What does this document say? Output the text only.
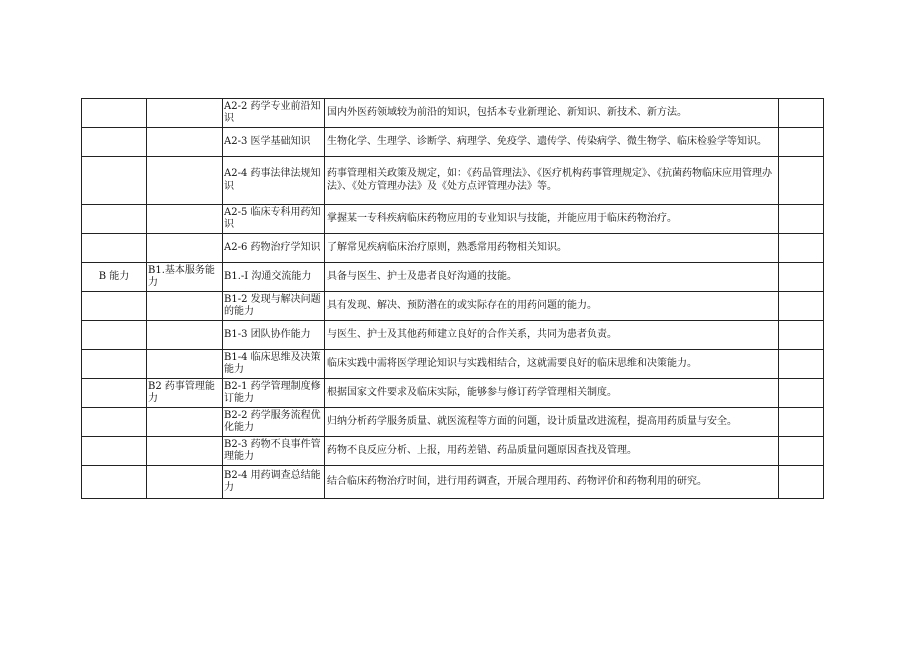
		A2-2 药学专业前沿知识	国内外医药领域较为前沿的知识，包括本专业新理论、新知识、新技术、新方法。	
		A2-3 医学基础知识	生物化学、生理学、诊断学、病理学、免疫学、遗传学、传染病学、微生物学、临床检验学等知识。	
		A2-4 药事法律法规知识	药事管理相关政策及规定，如：《药品管理法》、《医疗机构药事管理规定》、《抗菌药物临床应用管理办法》、《处方管理办法》及《处方点评管理办法》等。	
		A2-5 临床专科用药知识	掌握某一专科疾病临床药物应用的专业知识与技能，并能应用于临床药物治疗。	
		A2-6 药物治疗学知识	了解常见疾病临床治疗原则，熟悉常用药物相关知识。	
B 能力	B1.基本服务能力	B1.-I 沟通交流能力	具备与医生、护士及患者良好沟通的技能。	
		B1-2 发现与解决问题的能力	具有发现、解决、预防潜在的或实际存在的用药问题的能力。	
		B1-3 团队协作能力	与医生、护士及其他药师建立良好的合作关系，共同为患者负责。	
		B1-4 临床思维及决策能力	临床实践中需将医学理论知识与实践相结合，这就需要良好的临床思维和决策能力。	
	B2 药事管理能力	B2-1 药学管理制度修订能力	根据国家文件要求及临床实际，能够参与修订药学管理相关制度。	
		B2-2 药学服务流程优化能力	归纳分析药学服务质量、就医流程等方面的问题，设计质量改进流程，提高用药质量与安全。	
		B2-3 药物不良事件管理能力	药物不良反应分析、上报，用药差错、药品质量问题原因查找及管理。	
		B2-4 用药调查总结能力	结合临床药物治疗时间，进行用药调查，开展合理用药、药物评价和药物利用的研究。	
